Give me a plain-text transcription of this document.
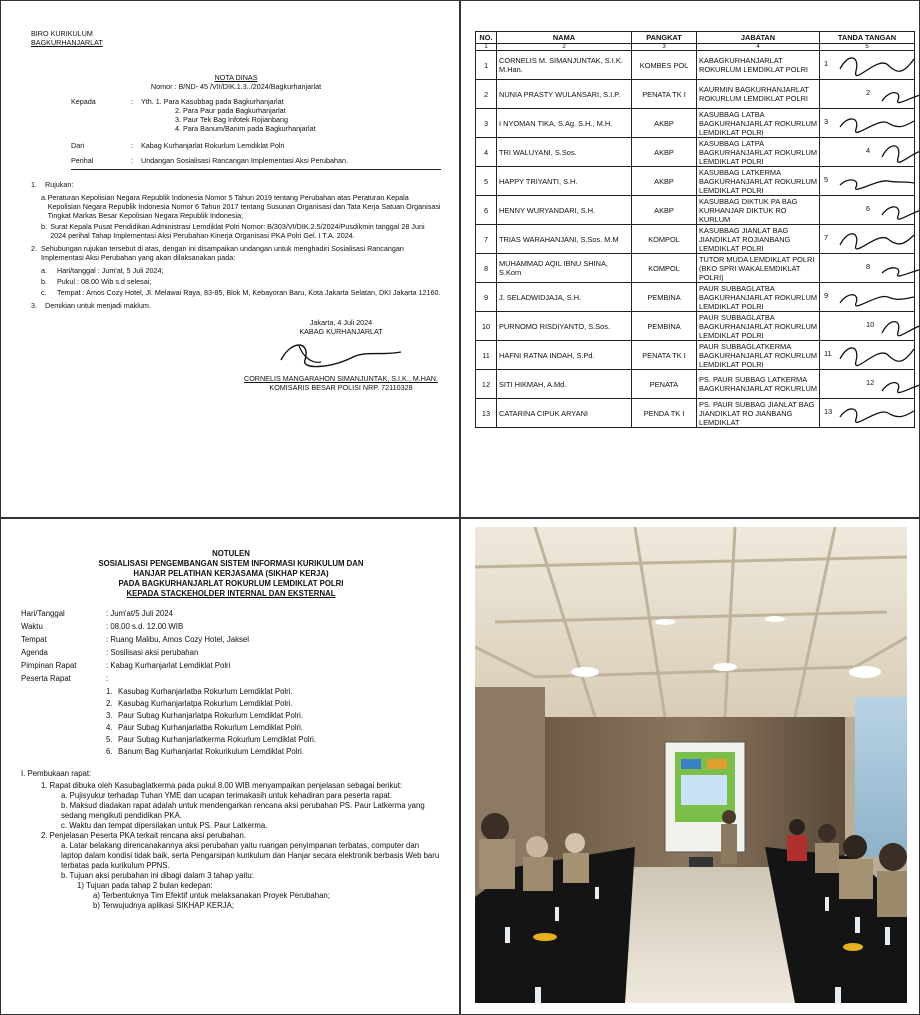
BIRO KURIKULUM
BAGKURHANJARLAT
NOTA DINAS
Nomor : B/ND- 45 /VII/DIK.1.3../2024/Bagkurhanjarlat
Kepada	:	Yth. 1. Para Kasubbag pada Bagkurhanjarlat
2. Para Paur pada Bagkurhanjarlat
3. Paur Tek Bag Infotek Rojianbang
4. Para Banum/Banim pada Bagkurhanjarlat
Dari	:	Kabag Kurhanjarlat Rokurlum Lemdiklat Polri
Perihal	:	Undangan Sosialisasi Rancangan Implementasi Aksi Perubahan.
1.	Rujukan:
a. Peraturan Kepolisian Negara Republik Indonesia Nomor 5 Tahun 2019 tentang Perubahan atas Peraturan Kepala Kepolisian Negara Republik Indonesia Nomor 6 Tahun 2017 tentang Susunan Organisasi dan Tata Kerja Satuan Organisasi Tingkat Markas Besar Kepolisian Negara Republik Indonesia;
b. Surat Kepala Pusat Pendidikan Administrasi Lemdiklat Polri Nomor: B/303/VI/DIK.2.5/2024/Pusdikmin tanggal 28 Juni 2024 perihal Tahap Implementasi Aksi Perubahan Kinerja Organisasi PKA Polri Gel. I T.A. 2024.
2. Sehubungan rujukan tersebut di atas, dengan ini disampaikan undangan untuk menghadiri Sosialisasi Rancangan Implementasi Aksi Perubahan yang akan dilaksanakan pada:
a.	Hari/tanggal : Jum'at, 5 Juli 2024;
b.	Pukul : 08.00 Wib s.d selesai;
c.	Tempat : Amos Cozy Hotel, Jl. Melawai Raya, 83-85, Blok M, Kebayoran Baru, Kota Jakarta Selatan, DKI Jakarta 12160.
3.	Demikian untuk menjadi maklum.
Jakarta, 4 Juli 2024
KABAG KURHANJARLAT
CORNELIS MANGARAHON SIMANJUNTAK, S.I.K., M.HAN.
KOMISARIS BESAR POLISI NRP. 72110328
NO.	NAMA	PANGKAT	JABATAN	TANDA TANGAN
1	2	3	4	5
1	CORNELIS M. SIMANJUNTAK, S.I.K. M.Han.	KOMBES POL	KABAGKURHANJARLAT ROKURLUM LEMDIKLAT POLRI	1

2	NUNIA PRASTY WULANSARI, S.I.P.	PENATA TK I	KAURMIN BAGKURHANJARLAT ROKURLUM LEMDIKLAT POLRI	2

3	I NYOMAN TIKA, S.Ag. S.H., M.H.	AKBP	KASUBBAG LATBA BAGKURHANJARLAT ROKURLUM LEMDIKLAT POLRI	3

4	TRI WALUYANI, S.Sos.	AKBP	KASUBBAG LATPA BAGKURHANJARLAT ROKURLUM LEMDIKLAT POLRI	4

5	HAPPY TRIYANTI, S.H.	AKBP	KASUBBAG LATKERMA BAGKURHANJARLAT ROKURLUM LEMDIKLAT POLRI	5

6	HENNY WURYANDARI, S.H.	AKBP	KASUBBAG DIKTUK PA BAG KURHANJAR DIKTUK RO KURLUM	6

7	TRIAS WARAHANJANI, S.Sos. M.M	KOMPOL	KASUBBAG JIANLAT BAG JIANDIKLAT ROJIANBANG LEMDIKLAT POLRI	7

8	MUHAMMAD AQIL IBNU SHINA, S.Kom	KOMPOL	TUTOR MUDA LEMDIKLAT POLRI (BKO SPRI WAKALEMDIKLAT POLRI)	8

9	J. SELADWIDJAJA, S.H.	PEMBINA	PAUR SUBBAGLATBA BAGKURHANJARLAT ROKURLUM LEMDIKLAT POLRI	9

10	PURNOMO RISDIYANTO, S.Sos.	PEMBINA	PAUR SUBBAGLATBA BAGKURHANJARLAT ROKURLUM LEMDIKLAT POLRI	10

11	HAFNI RATNA INDAH, S.Pd.	PENATA TK I	PAUR SUBBAGLATKERMA BAGKURHANJARLAT ROKURLUM LEMDIKLAT POLRI	11

12	SITI HIKMAH, A.Md.	PENATA	PS. PAUR SUBBAG LATKERMA BAGKURHANJARLAT ROKURLUM	12

13	CATARINA CIPUK ARYANI	PENDA TK I	PS. PAUR SUBBAG JIANLAT BAG JIANDIKLAT RO JIANBANG LEMDIKLAT	13
NOTULEN
SOSIALISASI PENGEMBANGAN SISTEM INFORMASI KURIKULUM DAN
HANJAR PELATIHAN KERJASAMA (SIKHAP KERJA)
PADA BAGKURHANJARLAT ROKURLUM LEMDIKLAT POLRI
KEPADA STACKEHOLDER INTERNAL DAN EKSTERNAL
Hari/Tanggal	: Jum'at/5 Juli 2024
Waktu	: 08.00 s.d. 12.00 WIB
Tempat	: Ruang Malibu, Amos Cozy Hotel, Jaksel
Agenda	: Sosilisasi aksi perubahan
Pimpinan Rapat	: Kabag Kurhanjarlat Lemdiklat Polri
Peserta Rapat	:
1. Kasubag Kurhanjarlatba Rokurlum Lemdiklat Polri.
2. Kasubag Kurhanjarlatpa Rokurlum Lemdiklat Polri.
3. Paur Subag Kurhanjarlatpa Rokurlum Lemdiklat Polri.
4. Paur Subag Kurhanjarlatba Rokurlum Lemdiklat Polri.
5. Paur Subag Kurhanjarlatkerma Rokurlum Lemdiklat Polri.
6. Banum Bag Kurhanjarlat Rokurikulum Lemdiklat Polri.
I. Pembukaan rapat:
1. Rapat dibuka oleh Kasubaglatkerma pada pukul 8.00 WIB menyampaikan penjelasan sebagai berikut:
a. Pujisyukur terhadap Tuhan YME dan ucapan terimakasih untuk kehadiran para peserta rapat.
b. Maksud diadakan rapat adalah untuk mendengarkan rencana aksi perubahan PS. Paur Latkerma yang sedang mengikuti pendidikan PKA.
c. Waktu dan tempat dipersilakan untuk PS. Paur Latkerma.
2. Penjelasan Peserta PKA terkait rencana aksi perubahan.
a. Latar belakang direncanakannya aksi perubahan yaitu ruangan penyimpanan terbatas, computer dan laptop dalam kondisi tidak baik, serta Pengarsipan kurikulum dan Hanjar secara elektronik berbasis Web baru terbatas pada kurikulum PPNS.
b. Tujuan aksi perubahan ini dibagi dalam 3 tahap yaitu:
1) Tujuan pada tahap 2 bulan kedepan:
a) Terbentuknya Tim Efektif untuk melaksanakan Proyek Perubahan;
b) Terwujudnya aplikasi SIKHAP KERJA;
